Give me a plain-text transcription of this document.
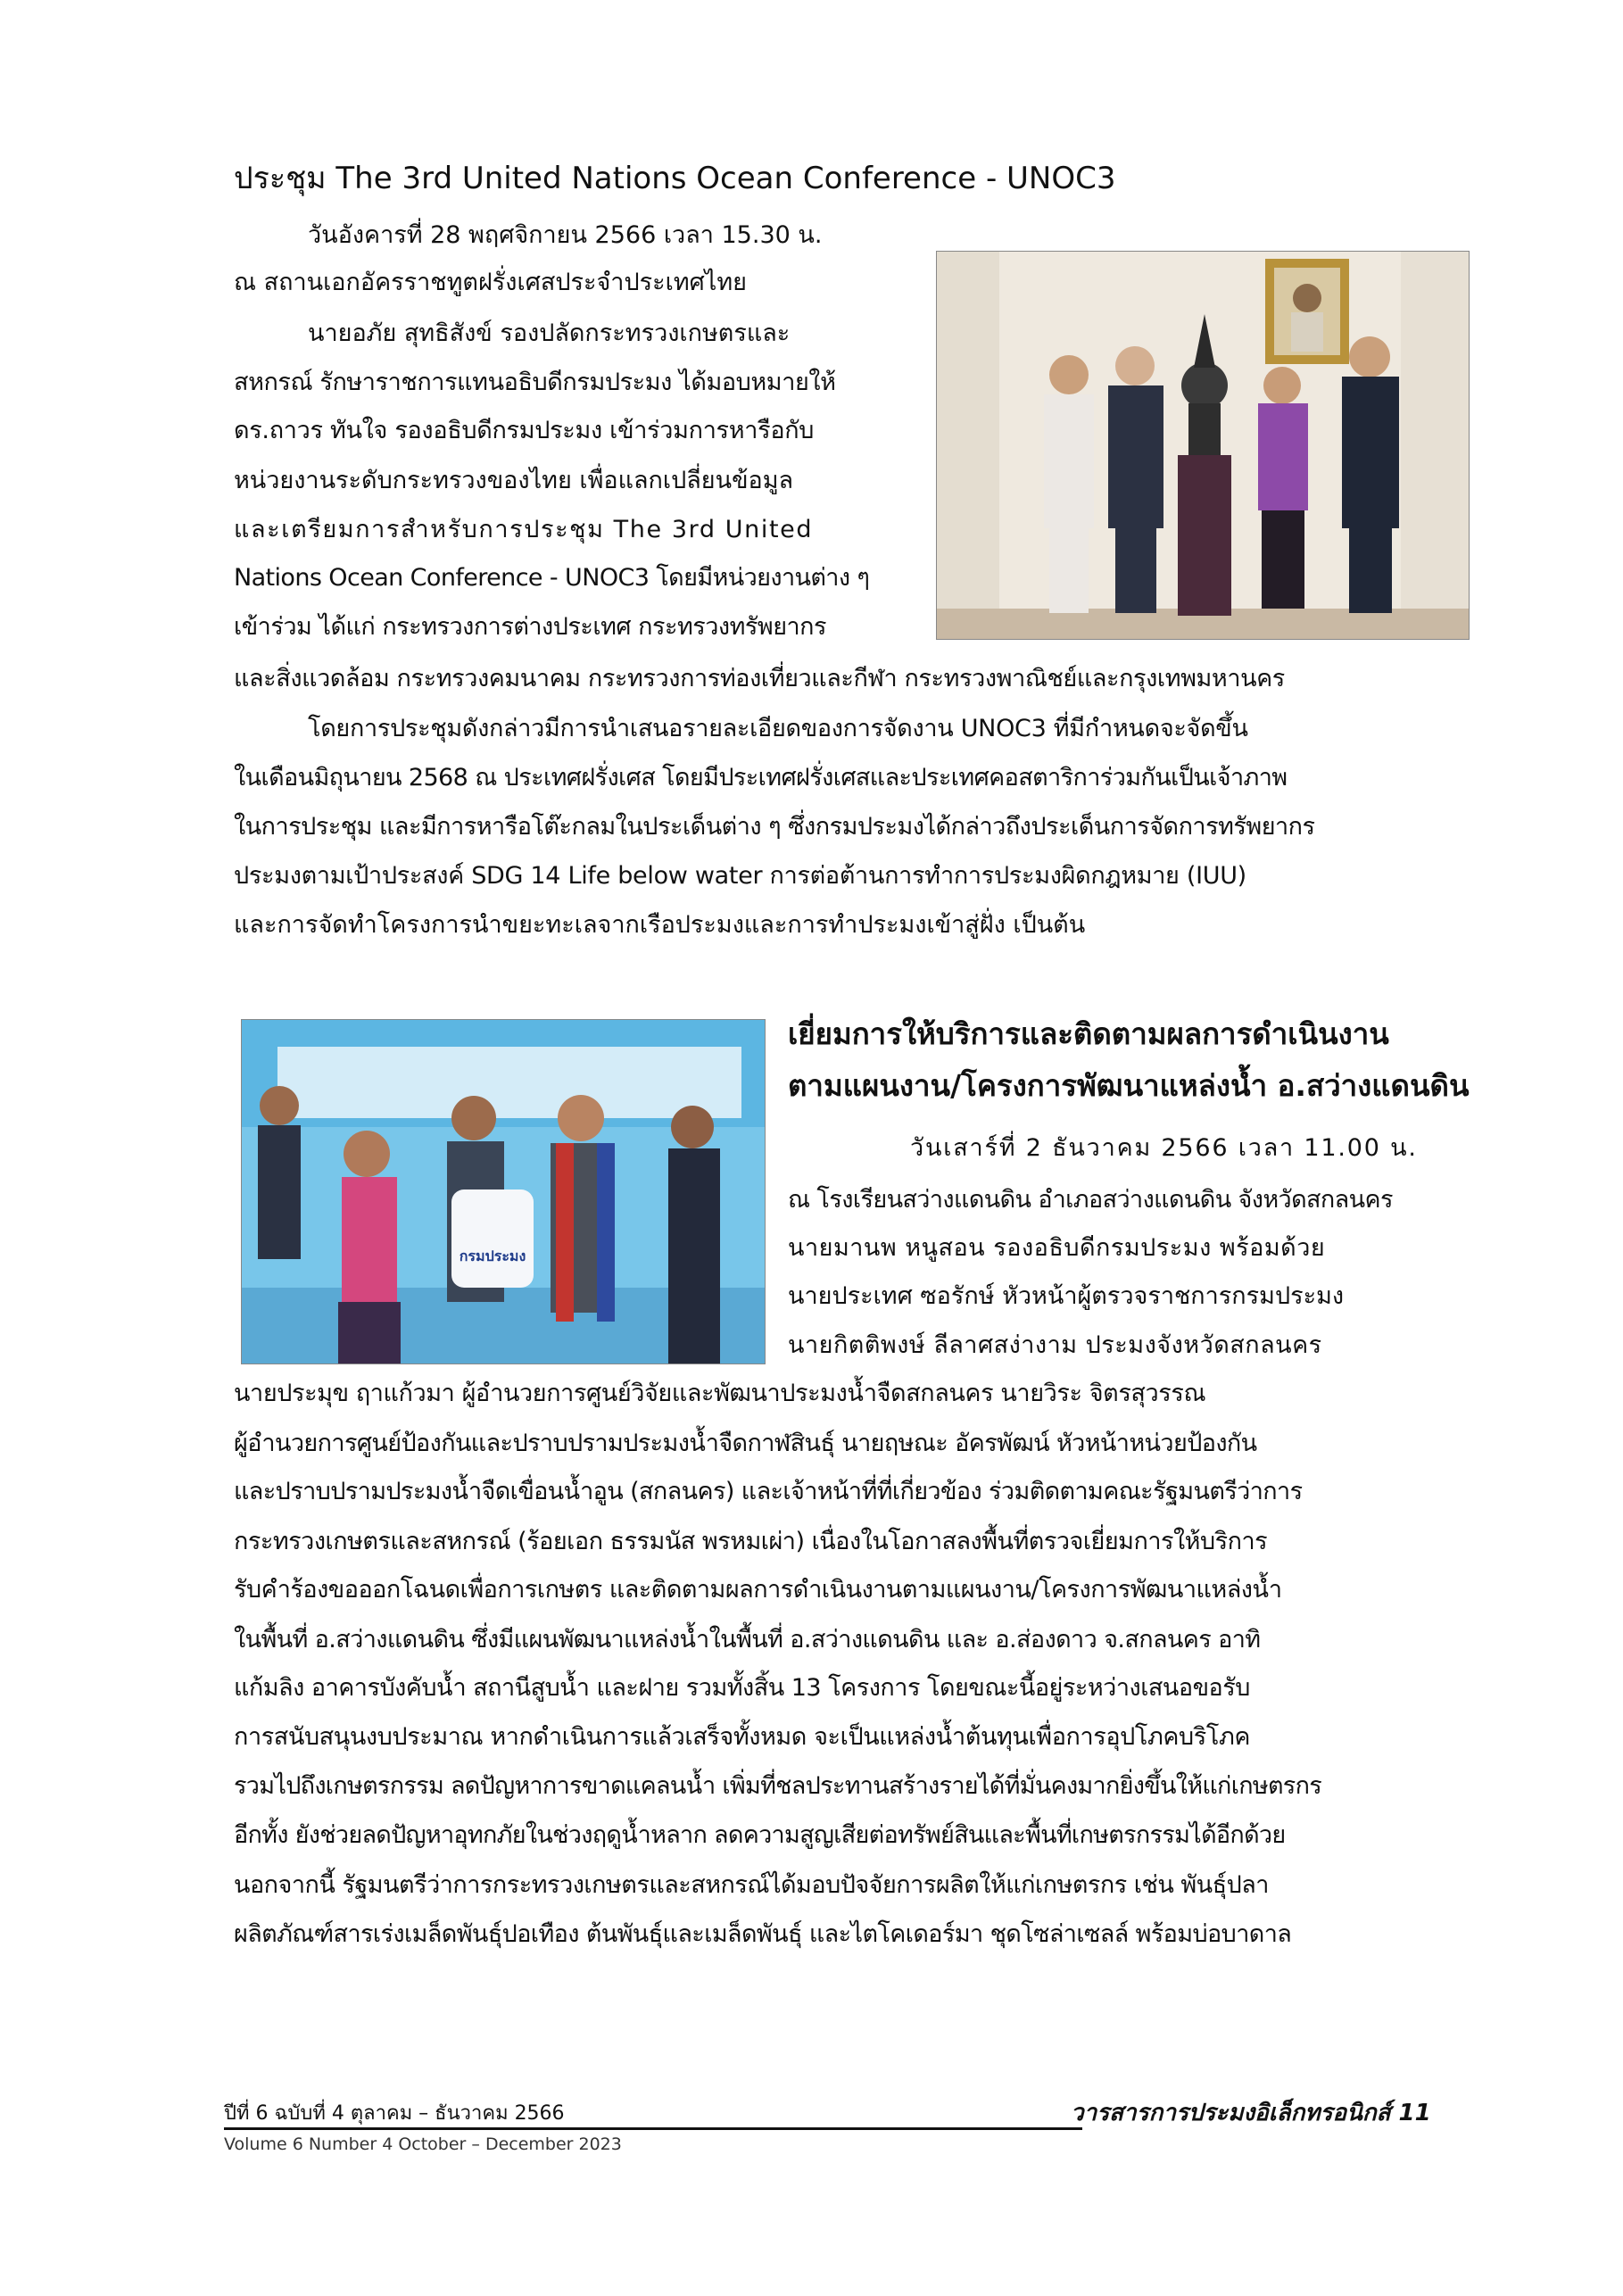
ประชุม The 3rd United Nations Ocean Conference - UNOC3

วันอังคารที่ 28 พฤศจิกายน 2566 เวลา 15.30 น.

ณ สถานเอกอัครราชทูตฝรั่งเศสประจำประเทศไทย

นายอภัย สุทธิสังข์ รองปลัดกระทรวงเกษตรและ

สหกรณ์ รักษาราชการแทนอธิบดีกรมประมง ได้มอบหมายให้

ดร.ถาวร ทันใจ รองอธิบดีกรมประมง เข้าร่วมการหารือกับ

หน่วยงานระดับกระทรวงของไทย เพื่อแลกเปลี่ยนข้อมูล

และเตรียมการสำหรับการประชุม The 3rd United

Nations Ocean Conference - UNOC3 โดยมีหน่วยงานต่าง ๆ

เข้าร่วม ได้แก่ กระทรวงการต่างประเทศ กระทรวงทรัพยากร

และสิ่งแวดล้อม กระทรวงคมนาคม กระทรวงการท่องเที่ยวและกีฬา กระทรวงพาณิชย์และกรุงเทพมหานคร

โดยการประชุมดังกล่าวมีการนำเสนอรายละเอียดของการจัดงาน UNOC3 ที่มีกำหนดจะจัดขึ้น

ในเดือนมิถุนายน 2568 ณ ประเทศฝรั่งเศส โดยมีประเทศฝรั่งเศสและประเทศคอสตาริการ่วมกันเป็นเจ้าภาพ

ในการประชุม และมีการหารือโต๊ะกลมในประเด็นต่าง ๆ ซึ่งกรมประมงได้กล่าวถึงประเด็นการจัดการทรัพยากร

ประมงตามเป้าประสงค์ SDG 14 Life below water การต่อต้านการทำการประมงผิดกฎหมาย (IUU)

และการจัดทำโครงการนำขยะทะเลจากเรือประมงและการทำประมงเข้าสู่ฝั่ง เป็นต้น

กรมประมง
เยี่ยมการให้บริการและติดตามผลการดำเนินงาน
ตามแผนงาน/โครงการพัฒนาแหล่งน้ำ อ.สว่างแดนดิน

วันเสาร์ที่ 2 ธันวาคม 2566 เวลา 11.00 น.

ณ โรงเรียนสว่างแดนดิน อำเภอสว่างแดนดิน จังหวัดสกลนคร

นายมานพ หนูสอน รองอธิบดีกรมประมง พร้อมด้วย

นายประเทศ ซอรักษ์ หัวหน้าผู้ตรวจราชการกรมประมง

นายกิตติพงษ์ ลีลาศสง่างาม ประมงจังหวัดสกลนคร

นายประมุข ฤาแก้วมา ผู้อำนวยการศูนย์วิจัยและพัฒนาประมงน้ำจืดสกลนคร นายวิระ จิตรสุวรรณ

ผู้อำนวยการศูนย์ป้องกันและปราบปรามประมงน้ำจืดกาฬสินธุ์ นายฤษณะ อัครพัฒน์ หัวหน้าหน่วยป้องกัน

และปราบปรามประมงน้ำจืดเขื่อนน้ำอูน (สกลนคร) และเจ้าหน้าที่ที่เกี่ยวข้อง ร่วมติดตามคณะรัฐมนตรีว่าการ

กระทรวงเกษตรและสหกรณ์ (ร้อยเอก ธรรมนัส พรหมเผ่า) เนื่องในโอกาสลงพื้นที่ตรวจเยี่ยมการให้บริการ

รับคำร้องขอออกโฉนดเพื่อการเกษตร และติดตามผลการดำเนินงานตามแผนงาน/โครงการพัฒนาแหล่งน้ำ

ในพื้นที่ อ.สว่างแดนดิน ซึ่งมีแผนพัฒนาแหล่งน้ำในพื้นที่ อ.สว่างแดนดิน และ อ.ส่องดาว จ.สกลนคร อาทิ

แก้มลิง อาคารบังคับน้ำ สถานีสูบน้ำ และฝาย รวมทั้งสิ้น 13 โครงการ โดยขณะนี้อยู่ระหว่างเสนอขอรับ

การสนับสนุนงบประมาณ หากดำเนินการแล้วเสร็จทั้งหมด จะเป็นแหล่งน้ำต้นทุนเพื่อการอุปโภคบริโภค

รวมไปถึงเกษตรกรรม ลดปัญหาการขาดแคลนน้ำ เพิ่มที่ชลประทานสร้างรายได้ที่มั่นคงมากยิ่งขึ้นให้แก่เกษตรกร

อีกทั้ง ยังช่วยลดปัญหาอุทกภัยในช่วงฤดูน้ำหลาก ลดความสูญเสียต่อทรัพย์สินและพื้นที่เกษตรกรรมได้อีกด้วย

นอกจากนี้ รัฐมนตรีว่าการกระทรวงเกษตรและสหกรณ์ได้มอบปัจจัยการผลิตให้แก่เกษตรกร เช่น พันธุ์ปลา

ผลิตภัณฑ์สารเร่งเมล็ดพันธุ์ปอเทือง ต้นพันธุ์และเมล็ดพันธุ์ และไตโคเดอร์มา ชุดโซล่าเซลล์ พร้อมบ่อบาดาล

ปีที่ 6 ฉบับที่ 4 ตุลาคม – ธันวาคม 2566
Volume 6 Number 4 October – December 2023
วารสารการประมงอิเล็กทรอนิกส์ 11
